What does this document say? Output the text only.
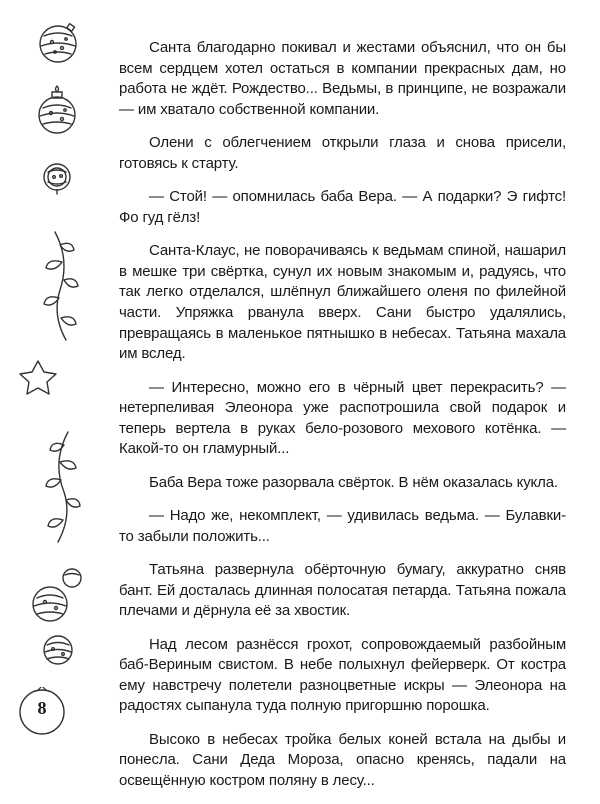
8

Санта благодарно покивал и жестами объяснил, что он бы всем сердцем хотел остаться в компании прекрасных дам, но работа не ждёт. Рождество... Ведьмы, в принципе, не возражали — им хватало собственной компании.

Олени с облегчением открыли глаза и снова присели, готовясь к старту.

— Стой! — опомнилась баба Вера. — А подарки? Э гифтс! Фо гуд гёлз!

Санта-Клаус, не поворачиваясь к ведьмам спиной, нашарил в мешке три свёртка, сунул их новым знакомым и, радуясь, что так легко отделался, шлёпнул ближайшего оленя по филейной части. Упряжка рванула вверх. Сани быстро удалялись, превращаясь в маленькое пятнышко в небесах. Татьяна махала им вслед.

— Интересно, можно его в чёрный цвет перекрасить? — нетерпеливая Элеонора уже распотрошила свой подарок и теперь вертела в руках бело-розового мехового котёнка. — Какой-то он гламурный...

Баба Вера тоже разорвала свёрток. В нём оказалась кукла.

— Надо же, некомплект, — удивилась ведьма. — Булавки-то забыли положить...

Татьяна развернула обёрточную бумагу, аккуратно сняв бант. Ей досталась длинная полосатая петарда. Татьяна пожала плечами и дёрнула её за хвостик.

Над лесом разнёсся грохот, сопровождаемый разбойным баб-Вериным свистом. В небе полыхнул фейерверк. От костра ему навстречу полетели разноцветные искры — Элеонора на радостях сыпанула туда полную пригоршню порошка.

Высоко в небесах тройка белых коней встала на дыбы и понесла. Сани Деда Мороза, опасно кренясь, падали на освещённую костром поляну в лесу...
